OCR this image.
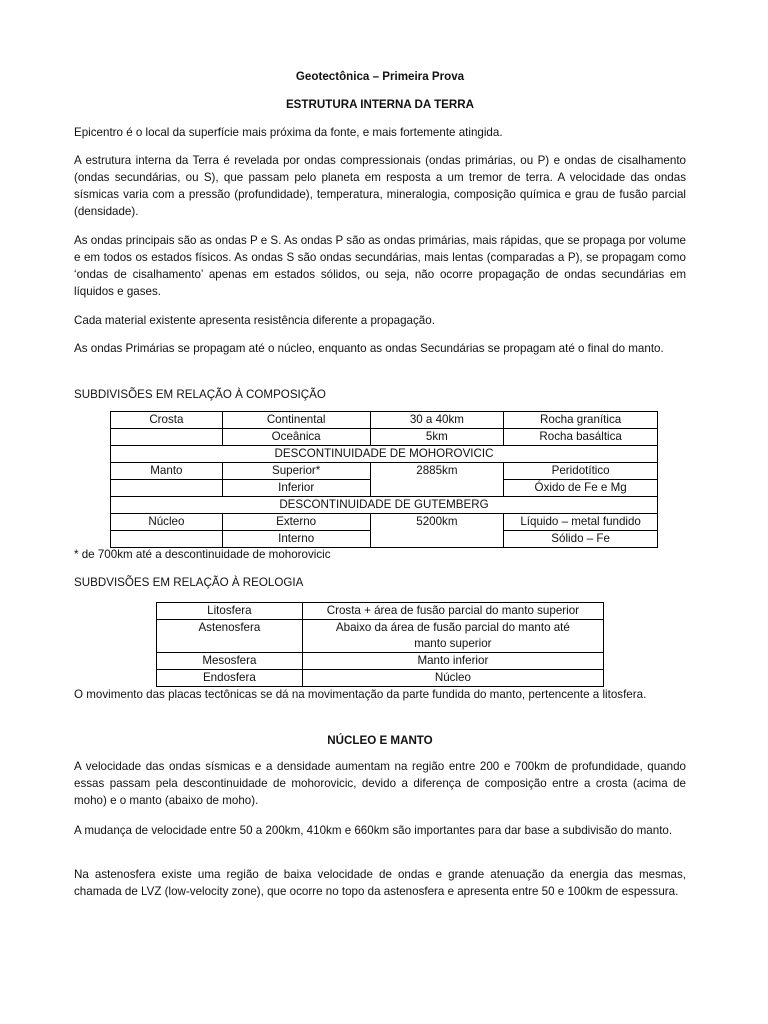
Geotectônica – Primeira Prova
ESTRUTURA INTERNA DA TERRA

Epicentro é o local da superfície mais próxima da fonte, e mais fortemente atingida.

A estrutura interna da Terra é revelada por ondas compressionais (ondas primárias, ou P) e ondas de cisalhamento (ondas secundárias, ou S), que passam pelo planeta em resposta a um tremor de terra. A velocidade das ondas sísmicas varia com a pressão (profundidade), temperatura, mineralogia, composição química e grau de fusão parcial (densidade).

As ondas principais são as ondas P e S. As ondas P são as ondas primárias, mais rápidas, que se propaga por volume e em todos os estados físicos. As ondas S são ondas secundárias, mais lentas (comparadas a P), se propagam como ‘ondas de cisalhamento’ apenas em estados sólidos, ou seja, não ocorre propagação de ondas secundárias em líquidos e gases.

Cada material existente apresenta resistência diferente a propagação.

As ondas Primárias se propagam até o núcleo, enquanto as ondas Secundárias se propagam até o final do manto.

SUBDIVISÕES EM RELAÇÃO À COMPOSIÇÃO
Crosta	Continental	30 a 40km	Rocha granítica
	Oceânica	5km	Rocha basáltica
DESCONTINUIDADE DE MOHOROVICIC			
Manto	Superior*	2885km	Peridotítico
	Inferior		Óxido de Fe e Mg
DESCONTINUIDADE DE GUTEMBERG			
Núcleo	Externo	5200km	Líquido – metal fundido
	Interno		Sólido – Fe
* de 700km até a descontinuidade de mohorovicic
SUBDVISÕES EM RELAÇÃO À REOLOGIA
Litosfera	Crosta + área de fusão parcial do manto superior
Astenosfera	Abaixo da área de fusão parcial do manto até
manto superior

Mesosfera	Manto inferior
Endosfera	Núcleo

O movimento das placas tectônicas se dá na movimentação da parte fundida do manto, pertencente a litosfera.

NÚCLEO E MANTO

A velocidade das ondas sísmicas e a densidade aumentam na região entre 200 e 700km de profundidade, quando essas passam pela descontinuidade de mohorovicic, devido a diferença de composição entre a crosta (acima de moho) e o manto (abaixo de moho).

A mudança de velocidade entre 50 a 200km, 410km e 660km são importantes para dar base a subdivisão do manto.

Na astenosfera existe uma região de baixa velocidade de ondas e grande atenuação da energia das mesmas, chamada de LVZ (low-velocity zone), que ocorre no topo da astenosfera e apresenta entre 50 e 100km de espessura.
